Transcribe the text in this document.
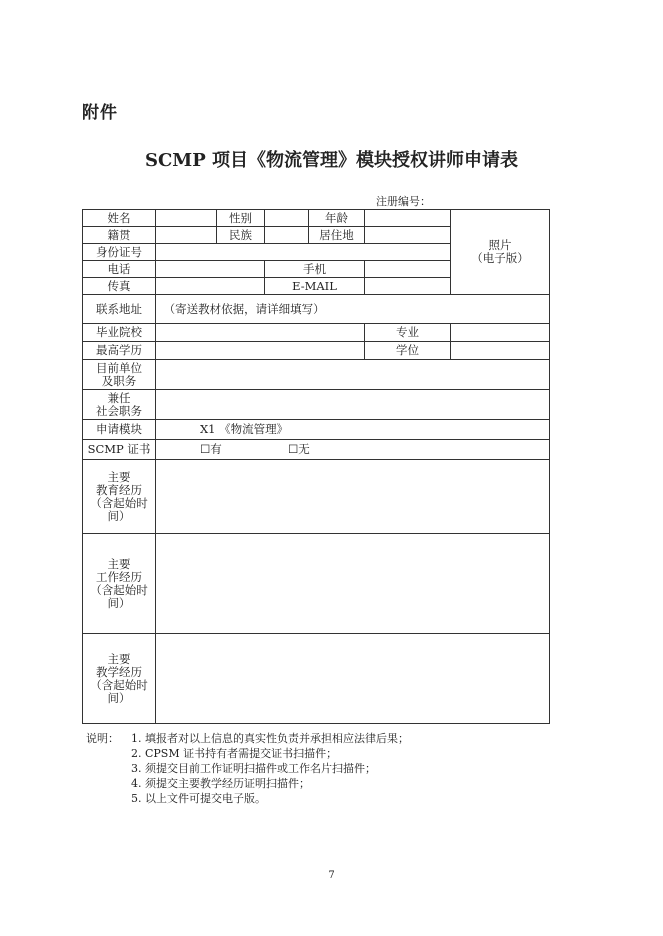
附件
SCMP 项目《物流管理》模块授权讲师申请表
注册编号：
姓名		性别		年龄		照片
（电子版）

籍贯		民族		居住地		
身份证号						
电话			手机			
传真			E-MAIL			
联系地址	（寄送教材依据，请详细填写）					
毕业院校					专业	
最高学历					学位	

目前单位
及职务						

兼任
社会职务						

申请模块	X1 《物流管理》					
SCMP 证书	☐有 ☐无					

主要
教育经历
（含起始时
间）						

主要
工作经历
（含起始时
间）						

主要
教学经历
（含起始时
间）						

说明： 1. 填报者对以上信息的真实性负责并承担相应法律后果；
2. CPSM 证书持有者需提交证书扫描件；
3. 须提交目前工作证明扫描件或工作名片扫描件；
4. 须提交主要教学经历证明扫描件；
5. 以上文件可提交电子版。
7
